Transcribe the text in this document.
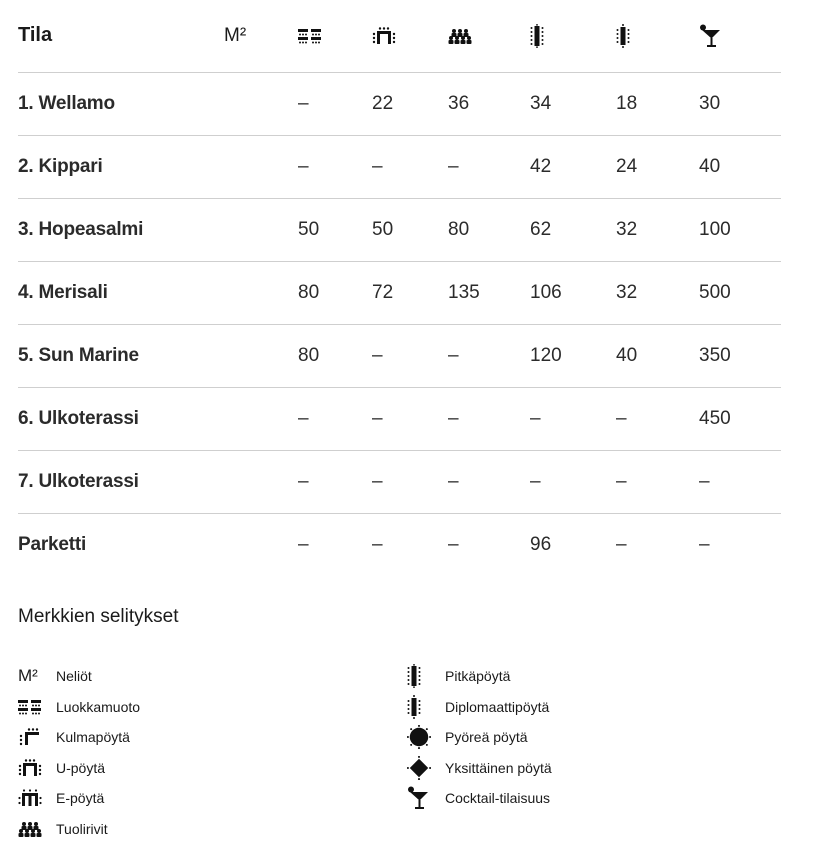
Tila	M²						
1. Wellamo		–	22	36	34	18	30
2. Kippari		–	–	–	42	24	40
3. Hopeasalmi		50	50	80	62	32	100
4. Merisali		80	72	135	106	32	500
5. Sun Marine		80	–	–	120	40	350
6. Ulkoterassi		–	–	–	–	–	450
7. Ulkoterassi		–	–	–	–	–	–
Parketti		–	–	–	96	–	–
Merkkien selitykset
M² Neliöt
Luokkamuoto
Kulmapöytä
U-pöytä
E-pöytä
Tuolirivit
Pitkäpöytä
Diplomaattipöytä
Pyöreä pöytä
Yksittäinen pöytä
Cocktail-tilaisuus
